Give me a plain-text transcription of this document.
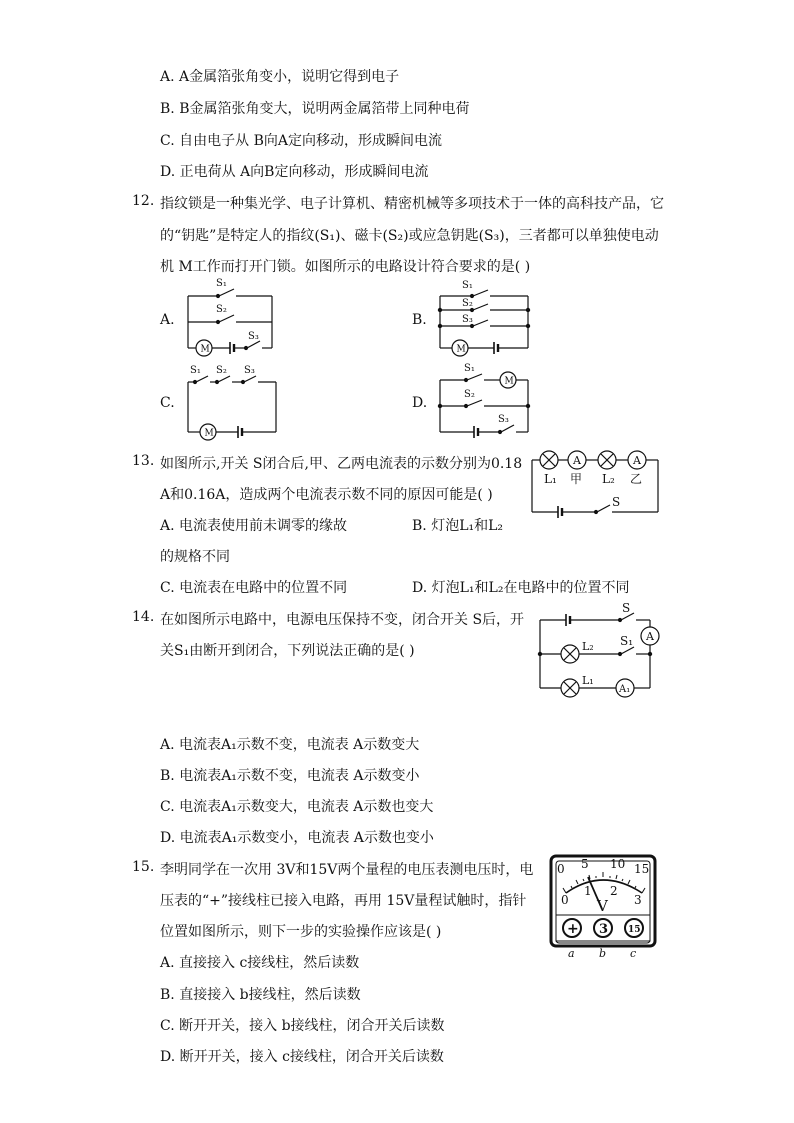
A. A金属箔张角变小，说明它得到电子
B. B金属箔张角变大，说明两金属箔带上同种电荷
C. 自由电子从 B向A定向移动，形成瞬间电流
D. 正电荷从 A向B定向移动，形成瞬间电流
12. 指纹锁是一种集光学、电子计算机、精密机械等多项技术于一体的高科技产品，它
的“钥匙”是特定人的指纹(S₁)、磁卡(S₂)或应急钥匙(S₃)，三者都可以单独使电动
机 M工作而打开门锁。如图所示的电路设计符合要求的是( )
A.	B.
C.	D.
S₁
S₂
S₃
M
S₁
S₂
S₃
M
S₁ S₂ S₃
M
S₁
S₂
S₃
M
13. 如图所示,开关 S闭合后,甲、乙两电流表的示数分别为0.18
A和0.16A，造成两个电流表示数不同的原因可能是( )
A. 电流表使用前未调零的缘故	B. 灯泡L₁和L₂
的规格不同
C. 电流表在电路中的位置不同	D. 灯泡L₁和L₂在电路中的位置不同
A	A
L₁ 甲 L₂ 乙
S
14. 在如图所示电路中，电源电压保持不变，闭合开关 S后，开
关S₁由断开到闭合，下列说法正确的是( )
A. 电流表A₁示数不变，电流表 A示数变大
B. 电流表A₁示数不变，电流表 A示数变小
C. 电流表A₁示数变大，电流表 A示数也变大
D. 电流表A₁示数变小，电流表 A示数也变小
S
S₁ A
L₂
L₁
A₁
15. 李明同学在一次用 3V和15V两个量程的电压表测电压时，电
压表的“+”接线柱已接入电路，再用 15V量程试触时，指针
位置如图所示，则下一步的实验操作应该是( )
A. 直接接入 c接线柱，然后读数
B. 直接接入 b接线柱，然后读数
C. 断开开关，接入 b接线柱，闭合开关后读数
D. 断开开关，接入 c接线柱，闭合开关后读数
0 5 10 15
0
1 2
3
V
+ 3 15
a b c
